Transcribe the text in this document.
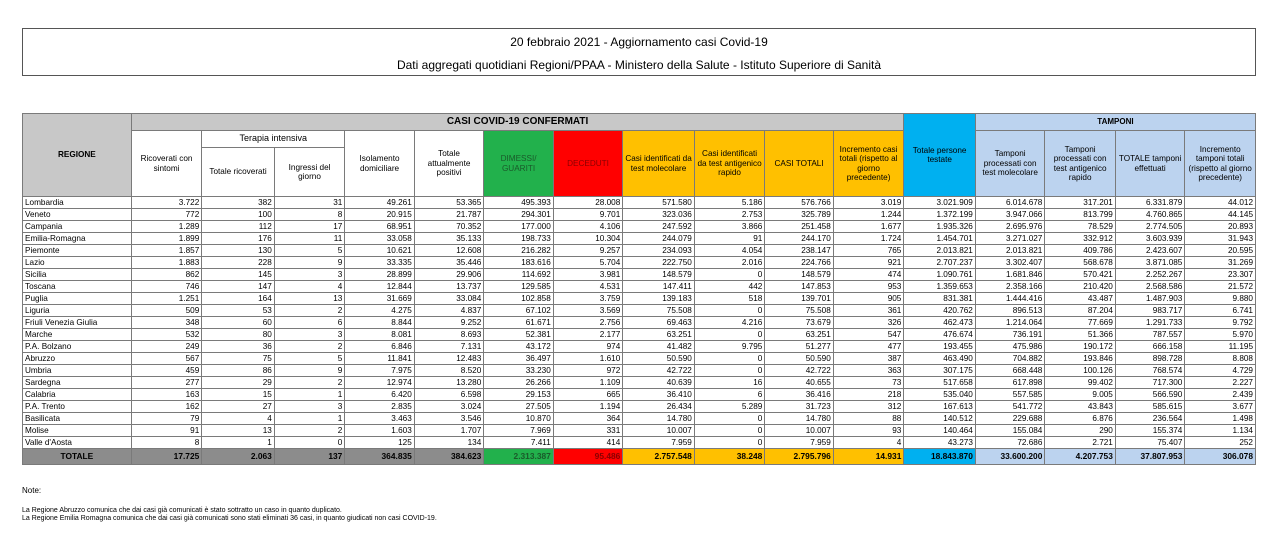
20 febbraio 2021 - Aggiornamento casi Covid-19
Dati aggregati quotidiani Regioni/PPAA - Ministero della Salute - Istituto Superiore di Sanità
REGIONE	CASI COVID-19 CONFERMATI											Totale persone testate	TAMPONI			
	Ricoverati con sintomi	Terapia intensiva		Isolamento domiciliare	Totale attualmente positivi	DIMESSI/ GUARITI	DECEDUTI	Casi identificati da test molecolare	Casi identificati da test antigenico rapido	CASI TOTALI	Incremento casi totali (rispetto al giorno precedente)		Tamponi processati con test molecolare	Tamponi processati con test antigenico rapido	TOTALE tamponi effettuati	Incremento tamponi totali (rispetto al giorno precedente)
		Totale ricoverati	Ingressi del giorno													
Lombardia	3.722	382	31	49.261	53.365	495.393	28.008	571.580	5.186	576.766	3.019	3.021.909	6.014.678	317.201	6.331.879	44.012
Veneto	772	100	8	20.915	21.787	294.301	9.701	323.036	2.753	325.789	1.244	1.372.199	3.947.066	813.799	4.760.865	44.145
Campania	1.289	112	17	68.951	70.352	177.000	4.106	247.592	3.866	251.458	1.677	1.935.326	2.695.976	78.529	2.774.505	20.893
Emilia-Romagna	1.899	176	11	33.058	35.133	198.733	10.304	244.079	91	244.170	1.724	1.454.701	3.271.027	332.912	3.603.939	31.943
Piemonte	1.857	130	5	10.621	12.608	216.282	9.257	234.093	4.054	238.147	765	2.013.821	2.013.821	409.786	2.423.607	20.595
Lazio	1.883	228	9	33.335	35.446	183.616	5.704	222.750	2.016	224.766	921	2.707.237	3.302.407	568.678	3.871.085	31.269
Sicilia	862	145	3	28.899	29.906	114.692	3.981	148.579	0	148.579	474	1.090.761	1.681.846	570.421	2.252.267	23.307
Toscana	746	147	4	12.844	13.737	129.585	4.531	147.411	442	147.853	953	1.359.653	2.358.166	210.420	2.568.586	21.572
Puglia	1.251	164	13	31.669	33.084	102.858	3.759	139.183	518	139.701	905	831.381	1.444.416	43.487	1.487.903	9.880
Liguria	509	53	2	4.275	4.837	67.102	3.569	75.508	0	75.508	361	420.762	896.513	87.204	983.717	6.741
Friuli Venezia Giulia	348	60	6	8.844	9.252	61.671	2.756	69.463	4.216	73.679	326	462.473	1.214.064	77.669	1.291.733	9.792
Marche	532	80	3	8.081	8.693	52.381	2.177	63.251	0	63.251	547	476.674	736.191	51.366	787.557	5.970
P.A. Bolzano	249	36	2	6.846	7.131	43.172	974	41.482	9.795	51.277	477	193.455	475.986	190.172	666.158	11.195
Abruzzo	567	75	5	11.841	12.483	36.497	1.610	50.590	0	50.590	387	463.490	704.882	193.846	898.728	8.808
Umbria	459	86	9	7.975	8.520	33.230	972	42.722	0	42.722	363	307.175	668.448	100.126	768.574	4.729
Sardegna	277	29	2	12.974	13.280	26.266	1.109	40.639	16	40.655	73	517.658	617.898	99.402	717.300	2.227
Calabria	163	15	1	6.420	6.598	29.153	665	36.410	6	36.416	218	535.040	557.585	9.005	566.590	2.439
P.A. Trento	162	27	3	2.835	3.024	27.505	1.194	26.434	5.289	31.723	312	167.613	541.772	43.843	585.615	3.677
Basilicata	79	4	1	3.463	3.546	10.870	364	14.780	0	14.780	88	140.512	229.688	6.876	236.564	1.498
Molise	91	13	2	1.603	1.707	7.969	331	10.007	0	10.007	93	140.464	155.084	290	155.374	1.134
Valle d'Aosta	8	1	0	125	134	7.411	414	7.959	0	7.959	4	43.273	72.686	2.721	75.407	252
TOTALE	17.725	2.063	137	364.835	384.623	2.313.387	95.486	2.757.548	38.248	2.795.796	14.931	18.843.870	33.600.200	4.207.753	37.807.953	306.078
Note:
La Regione Abruzzo comunica che dai casi già comunicati è stato sottratto un caso in quanto duplicato.
La Regione Emilia Romagna comunica che dai casi già comunicati sono stati eliminati 36 casi, in quanto giudicati non casi COVID-19.
